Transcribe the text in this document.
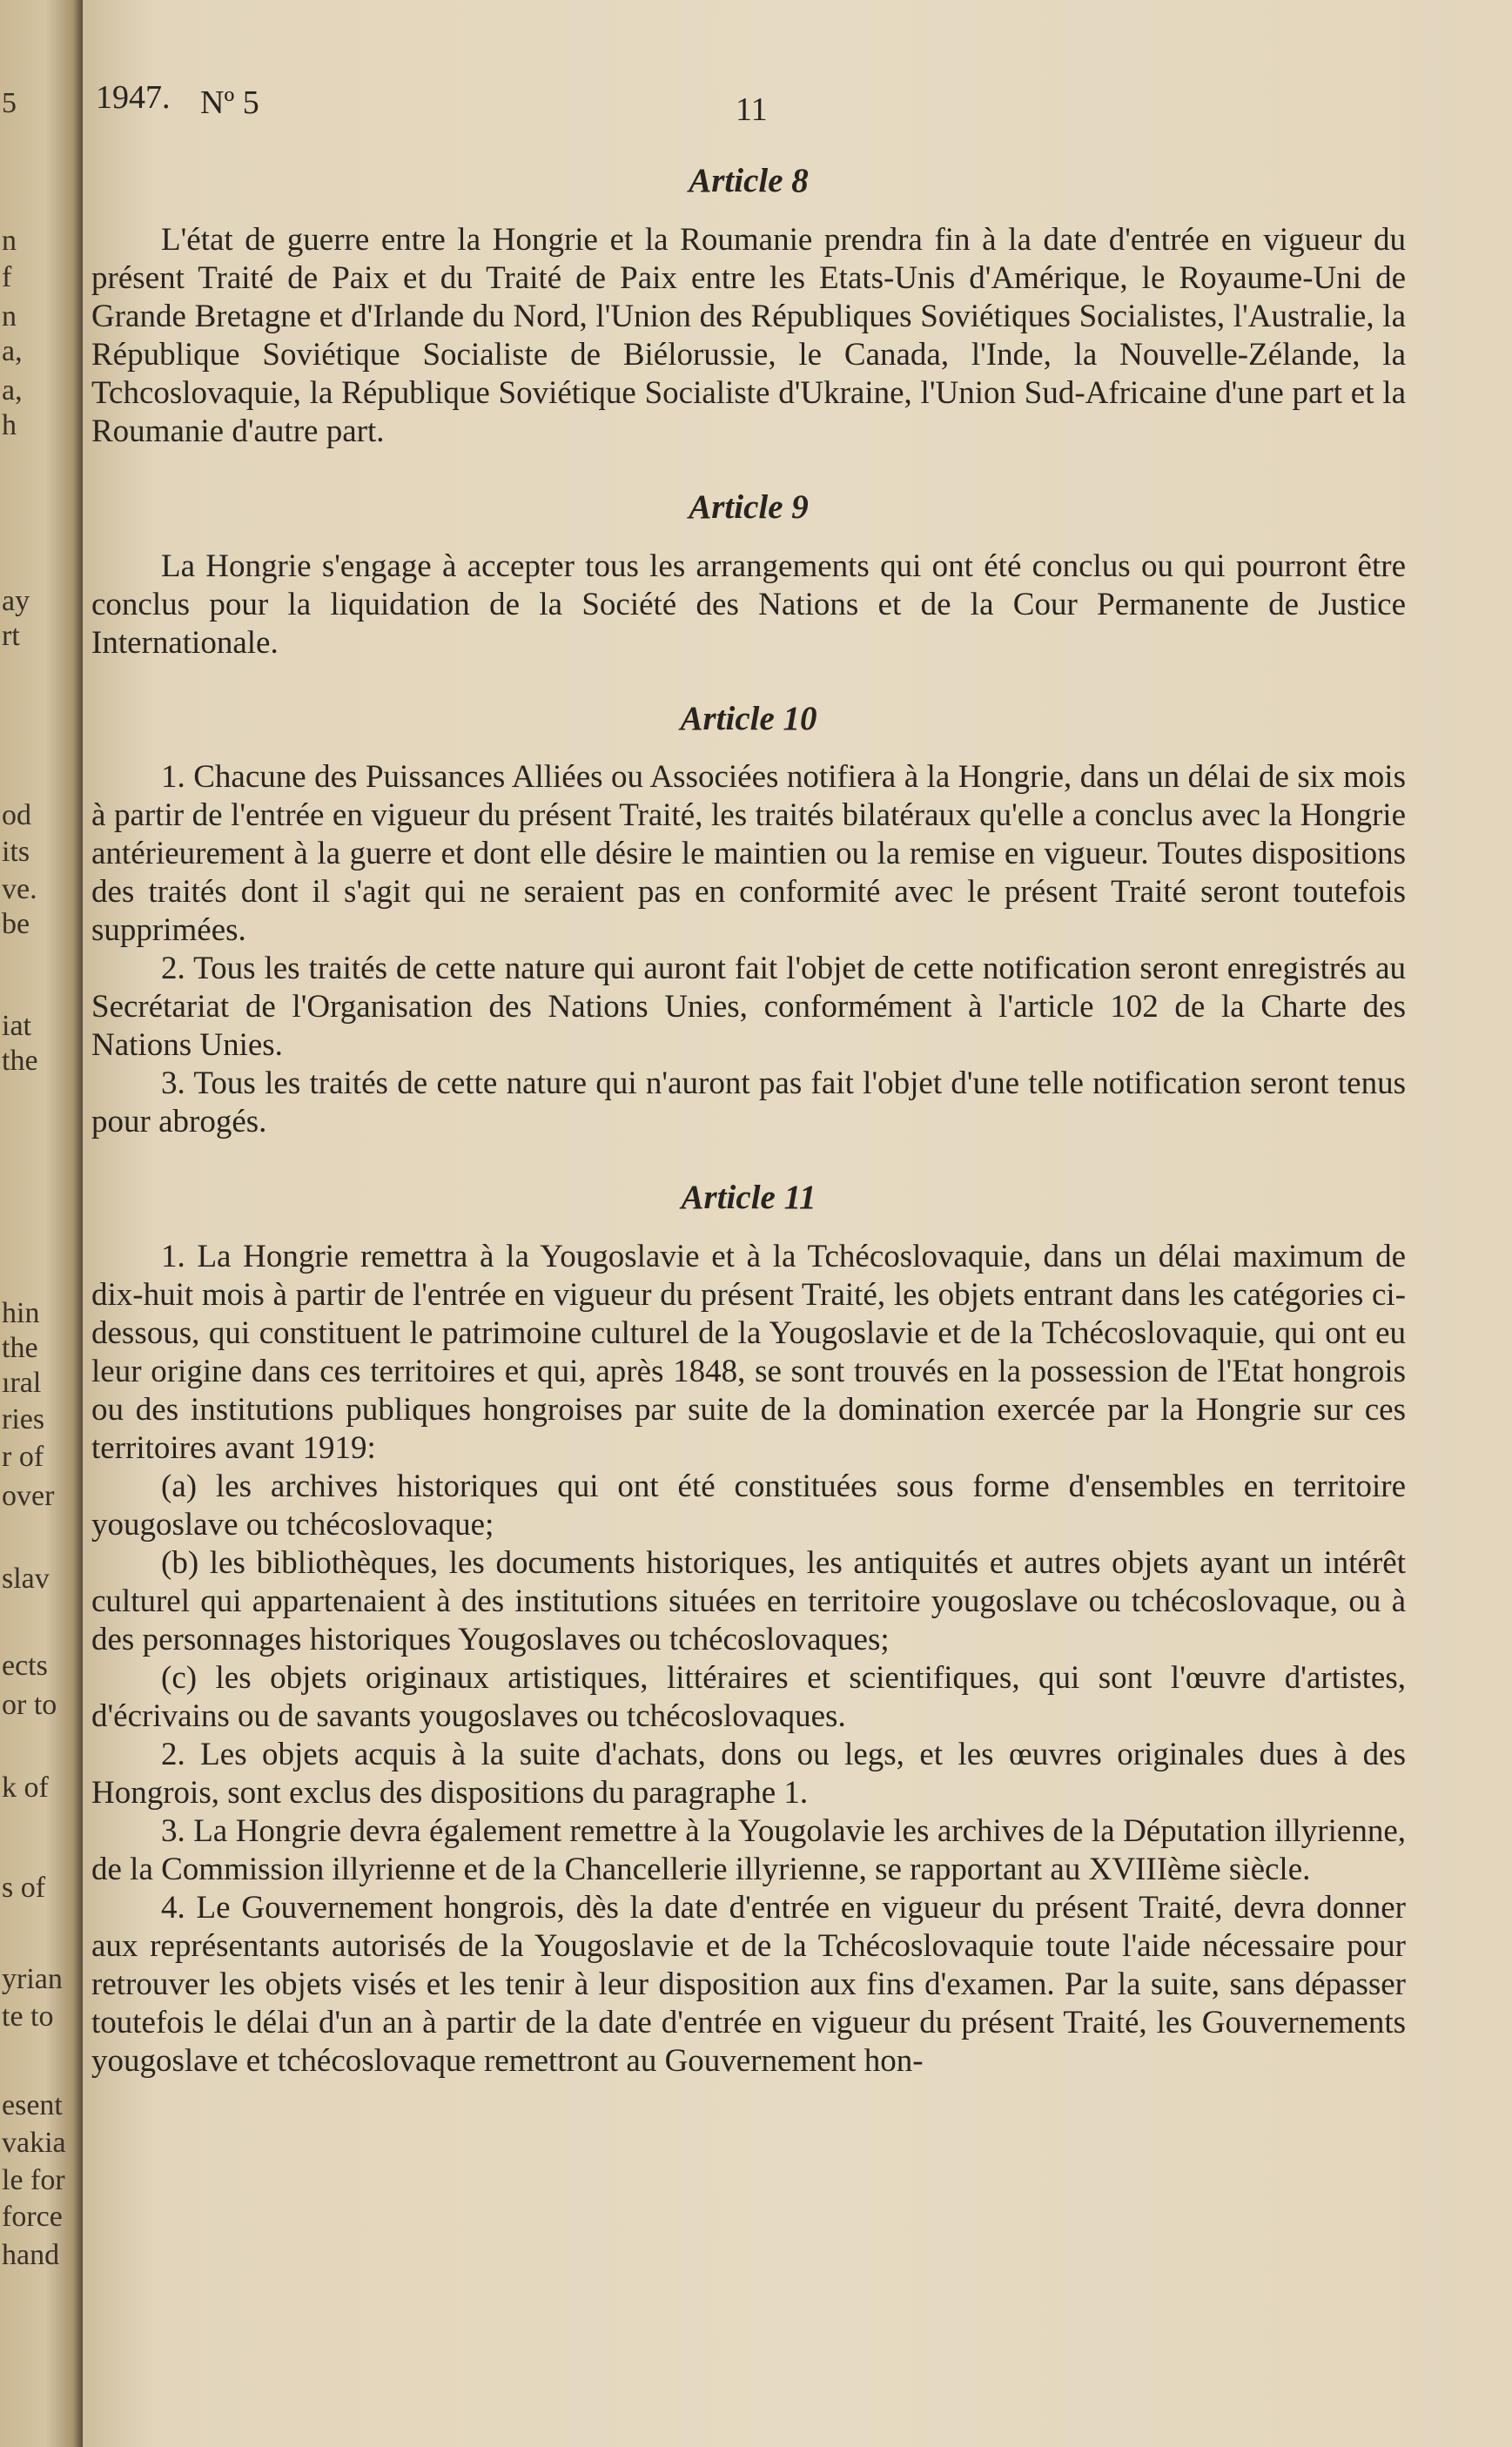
5
n
f
n
a,
a,
h
ay
rt
od
its
ve.
be
iat
the
hin
the
ıral
ries
r of
over
slav
ects
or to
k of
s of
yrian
te to
esent
vakia
le for
force
hand
1947. Nº 5	11
Article 8

L'état de guerre entre la Hongrie et la Roumanie prendra fin à la date d'entrée en vigueur du présent Traité de Paix et du Traité de Paix entre les Etats-Unis d'Amérique, le Royaume-Uni de Grande Bretagne et d'Irlande du Nord, l'Union des Républiques Soviétiques Socialistes, l'Australie, la République Soviétique Socialiste de Biélorussie, le Canada, l'Inde, la Nouvelle-Zélande, la Tchcoslovaquie, la République Soviétique Socialiste d'Ukraine, l'Union Sud-Africaine d'une part et la Roumanie d'autre part.

Article 9

La Hongrie s'engage à accepter tous les arrangements qui ont été conclus ou qui pourront être conclus pour la liquidation de la Société des Nations et de la Cour Permanente de Justice Internationale.

Article 10

1. Chacune des Puissances Alliées ou Associées notifiera à la Hongrie, dans un délai de six mois à partir de l'entrée en vigueur du présent Traité, les traités bilatéraux qu'elle a conclus avec la Hongrie antérieurement à la guerre et dont elle désire le maintien ou la remise en vigueur. Toutes dispositions des traités dont il s'agit qui ne seraient pas en conformité avec le présent Traité seront toutefois supprimées.

2. Tous les traités de cette nature qui auront fait l'objet de cette notification seront enregistrés au Secrétariat de l'Organisation des Nations Unies, conformément à l'article 102 de la Charte des Nations Unies.

3. Tous les traités de cette nature qui n'auront pas fait l'objet d'une telle notification seront tenus pour abrogés.

Article 11

1. La Hongrie remettra à la Yougoslavie et à la Tchécoslovaquie, dans un délai maximum de dix-huit mois à partir de l'entrée en vigueur du présent Traité, les objets entrant dans les catégories ci-dessous, qui constituent le patrimoine culturel de la Yougoslavie et de la Tchécoslovaquie, qui ont eu leur origine dans ces territoires et qui, après 1848, se sont trouvés en la possession de l'Etat hongrois ou des institutions publiques hongroises par suite de la domination exercée par la Hongrie sur ces territoires avant 1919:

(a) les archives historiques qui ont été constituées sous forme d'ensembles en territoire yougoslave ou tchécoslovaque;

(b) les bibliothèques, les documents historiques, les antiquités et autres objets ayant un intérêt culturel qui appartenaient à des institutions situées en territoire yougoslave ou tchécoslovaque, ou à des personnages historiques Yougoslaves ou tchécoslovaques;

(c) les objets originaux artistiques, littéraires et scientifiques, qui sont l'œuvre d'artistes, d'écrivains ou de savants yougoslaves ou tchécoslovaques.

2. Les objets acquis à la suite d'achats, dons ou legs, et les œuvres originales dues à des Hongrois, sont exclus des dispositions du paragraphe 1.

3. La Hongrie devra également remettre à la Yougolavie les archives de la Députation illyrienne, de la Commission illyrienne et de la Chancellerie illyrienne, se rapportant au XVIIIème siècle.

4. Le Gouvernement hongrois, dès la date d'entrée en vigueur du présent Traité, devra donner aux représentants autorisés de la Yougoslavie et de la Tchécoslovaquie toute l'aide nécessaire pour retrouver les objets visés et les tenir à leur disposition aux fins d'examen. Par la suite, sans dépasser toutefois le délai d'un an à partir de la date d'entrée en vigueur du présent Traité, les Gouvernements yougoslave et tchécoslovaque remettront au Gouvernement hon-
